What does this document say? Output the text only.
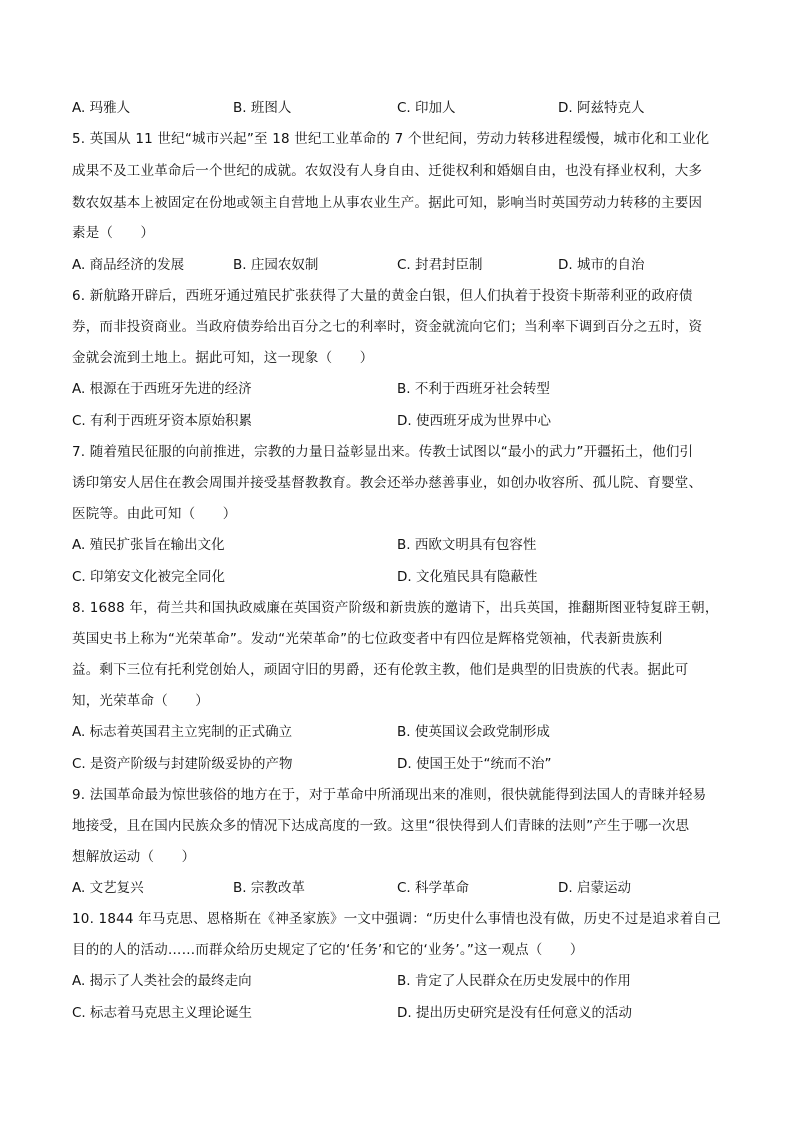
A. 玛雅人	B. 班图人	C. 印加人	D. 阿兹特克人
5. 英国从 11 世纪“城市兴起”至 18 世纪工业革命的 7 个世纪间，劳动力转移进程缓慢，城市化和工业化
成果不及工业革命后一个世纪的成就。农奴没有人身自由、迁徙权利和婚姻自由，也没有择业权利，大多
数农奴基本上被固定在份地或领主自营地上从事农业生产。据此可知，影响当时英国劳动力转移的主要因
素是（　　）
A. 商品经济的发展	B. 庄园农奴制	C. 封君封臣制	D. 城市的自治
6. 新航路开辟后，西班牙通过殖民扩张获得了大量的黄金白银，但人们执着于投资卡斯蒂利亚的政府债
券，而非投资商业。当政府债券给出百分之七的利率时，资金就流向它们；当利率下调到百分之五时，资
金就会流到土地上。据此可知，这一现象（　　）
A. 根源在于西班牙先进的经济	B. 不利于西班牙社会转型
C. 有利于西班牙资本原始积累	D. 使西班牙成为世界中心
7. 随着殖民征服的向前推进，宗教的力量日益彰显出来。传教士试图以“最小的武力”开疆拓土，他们引
诱印第安人居住在教会周围并接受基督教教育。教会还举办慈善事业，如创办收容所、孤儿院、育婴堂、
医院等。由此可知（　　）
A. 殖民扩张旨在输出文化	B. 西欧文明具有包容性
C. 印第安文化被完全同化	D. 文化殖民具有隐蔽性
8. 1688 年，荷兰共和国执政威廉在英国资产阶级和新贵族的邀请下，出兵英国，推翻斯图亚特复辟王朝，
英国史书上称为“光荣革命”。发动“光荣革命”的七位政变者中有四位是辉格党领袖，代表新贵族利
益。剩下三位有托利党创始人，顽固守旧的男爵，还有伦敦主教，他们是典型的旧贵族的代表。据此可
知，光荣革命（　　）
A. 标志着英国君主立宪制的正式确立	B. 使英国议会政党制形成
C. 是资产阶级与封建阶级妥协的产物	D. 使国王处于“统而不治”
9. 法国革命最为惊世骇俗的地方在于，对于革命中所涌现出来的准则，很快就能得到法国人的青睐并轻易
地接受，且在国内民族众多的情况下达成高度的一致。这里“很快得到人们青睐的法则”产生于哪一次思
想解放运动（　　）
A. 文艺复兴	B. 宗教改革	C. 科学革命	D. 启蒙运动
10. 1844 年马克思、恩格斯在《神圣家族》一文中强调：“历史什么事情也没有做，历史不过是追求着自己
目的的人的活动……而群众给历史规定了它的‘任务’和它的‘业务’。”这一观点（　　）
A. 揭示了人类社会的最终走向	B. 肯定了人民群众在历史发展中的作用
C. 标志着马克思主义理论诞生	D. 提出历史研究是没有任何意义的活动
